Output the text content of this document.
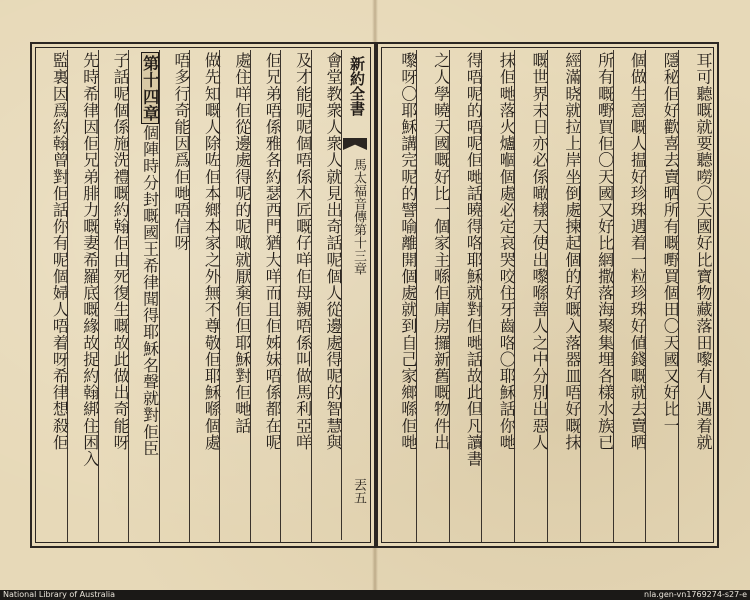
耳可聽嘅就要聽嘮〇天國好比寶物藏落田嚟有人遇着就
隱秘佢好歡喜去賣晒所有嘅嘢買個田〇天國又好比一
個做生意嘅人揾好珍珠遇着一粒珍珠好値錢嘅就去賣晒
所有嘅嘢買佢〇天國又好比網撒落海聚集埋各樣水族已
經滿晓就拉上岸坐倒處揀起個的好嘅入落器皿唔好嘅抹
嘅世界末日亦必係噉樣天使出嚟喺善人之中分別出惡人
抹佢哋落火爐嗰個處必定哀哭咬住牙齒咯〇耶穌話你哋
得唔呢的唔呢佢哋話曉得咯耶穌就對佢哋話故此但凡讀書
之人學曉天國嘅好比一個家主喺佢庫房攞新舊嘅物件出
嚟呀〇耶穌講完呢的譬喻離開個處就到自己家鄉喺佢哋
新約全書
馬太福音傳第十三章
丟五
會堂教衆人衆人就見出奇話呢個人從邊處得呢的智慧與
及才能呢呢個唔係木匠嘅仔咩佢母親唔係叫做馬利亞咩
佢兄弟唔係雅各約瑟西門猶大咩而且佢姊妹唔係都在呢
處住咩佢從邊處得呢的呢噉就厭棄佢但耶穌對佢哋話
做先知嘅人除咗佢本鄉本家之外無不尊敬佢耶穌喺個處
唔多行奇能因爲佢哋唔信呀
第十四章個陣時分封嘅國王希律聞得耶穌名聲就對佢臣
子話呢個係施洗禮嘅約翰佢由死復生嘅故此做出奇能呀
先時希律因佢兄弟腓力嘅妻希羅底嘅緣故捉約翰綁住困入
監裏因爲約翰曾對佢話你有呢個婦人唔着呀希律想殺佢
National Library of Australia	nla.gen-vn1769274-s27-e
